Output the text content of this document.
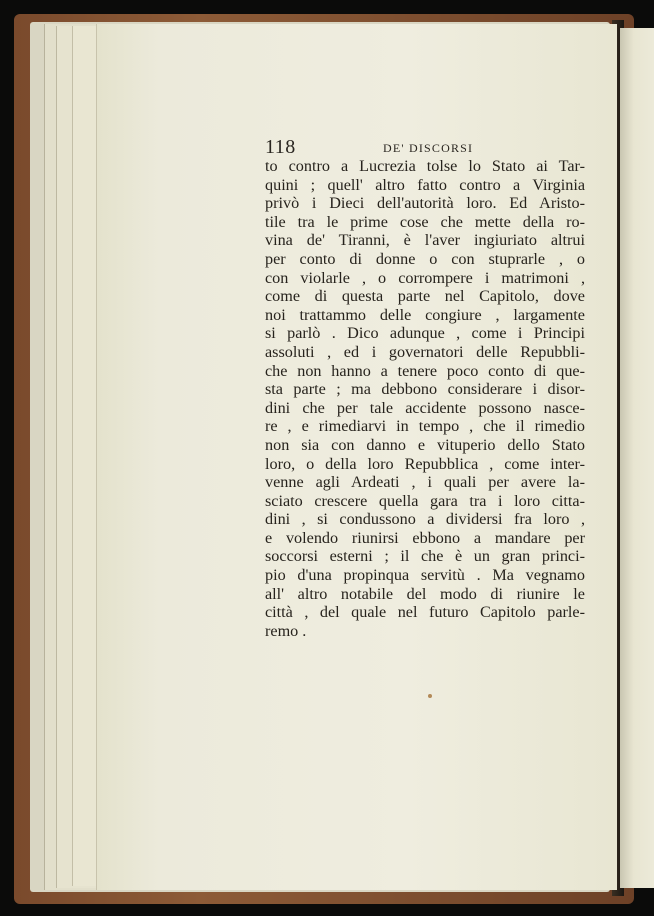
118	DE' DISCORSI
to contro a Lucrezia tolse lo Stato ai Tar-
quini ; quell' altro fatto contro a Virginia
privò i Dieci dell'autorità loro. Ed Aristo-
tile tra le prime cose che mette della ro-
vina de' Tiranni, è l'aver ingiuriato altrui
per conto di donne o con stuprarle , o
con violarle , o corrompere i matrimoni ,
come di questa parte nel Capitolo, dove
noi trattammo delle congiure , largamente
si parlò . Dico adunque , come i Principi
assoluti , ed i governatori delle Repubbli-
che non hanno a tenere poco conto di que-
sta parte ; ma debbono considerare i disor-
dini che per tale accidente possono nasce-
re , e rimediarvi in tempo , che il rimedio
non sia con danno e vituperio dello Stato
loro, o della loro Repubblica , come inter-
venne agli Ardeati , i quali per avere la-
sciato crescere quella gara tra i loro citta-
dini , si condussono a dividersi fra loro ,
e volendo riunirsi ebbono a mandare per
soccorsi esterni ; il che è un gran princi-
pio d'una propinqua servitù . Ma vegnamo
all' altro notabile del modo di riunire le
città , del quale nel futuro Capitolo parle-
remo .
